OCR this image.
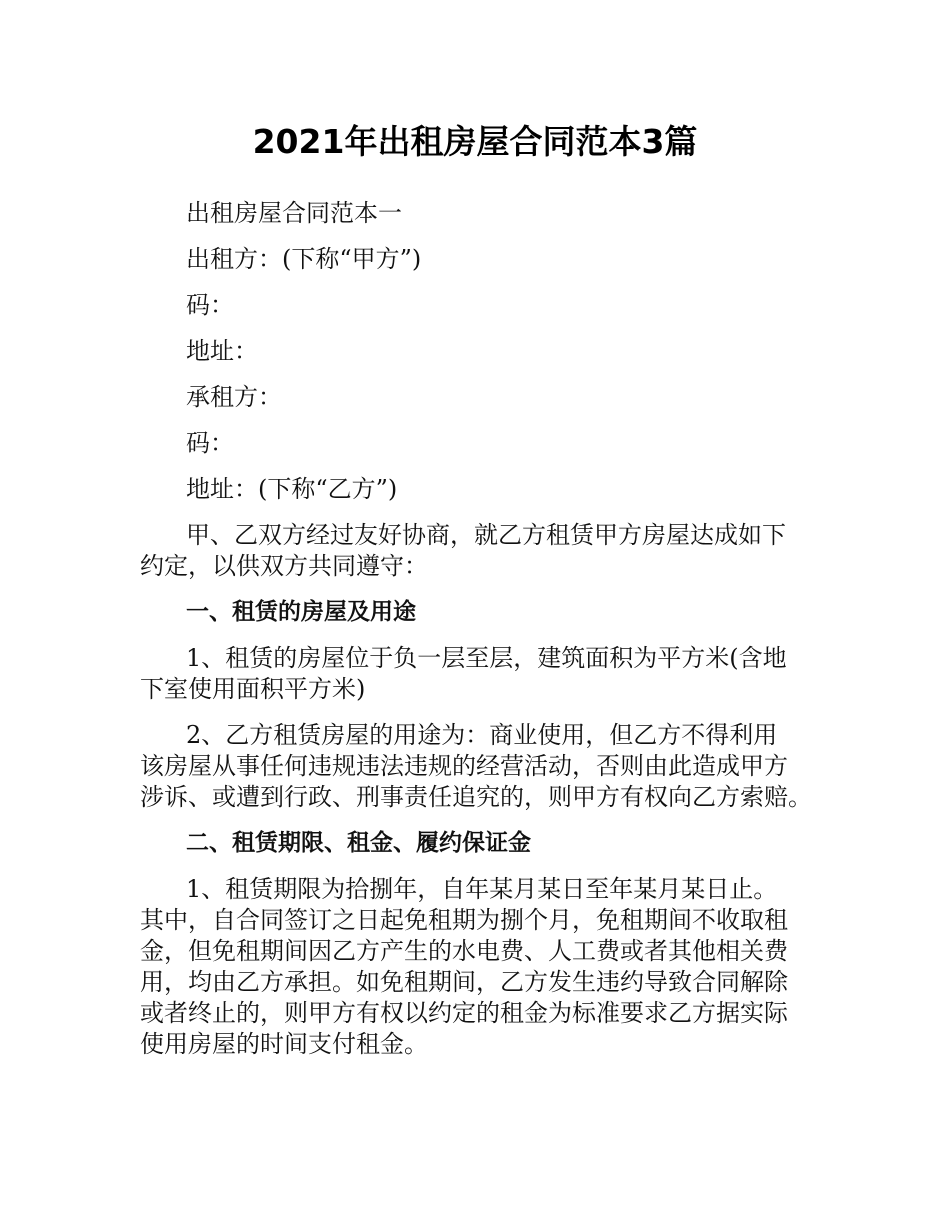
2021年出租房屋合同范本3篇
出租房屋合同范本一
出租方：(下称“甲方”)
码：
地址：
承租方：
码：
地址：(下称“乙方”)
甲、乙双方经过友好协商，就乙方租赁甲方房屋达成如下
约定，以供双方共同遵守：
一、租赁的房屋及用途
1、租赁的房屋位于负一层至层，建筑面积为平方米(含地
下室使用面积平方米)
2、乙方租赁房屋的用途为：商业使用，但乙方不得利用
该房屋从事任何违规违法违规的经营活动，否则由此造成甲方
涉诉、或遭到行政、刑事责任追究的，则甲方有权向乙方索赔。
二、租赁期限、租金、履约保证金
1、租赁期限为拾捌年，自年某月某日至年某月某日止。
其中，自合同签订之日起免租期为捌个月，免租期间不收取租
金，但免租期间因乙方产生的水电费、人工费或者其他相关费
用，均由乙方承担。如免租期间，乙方发生违约导致合同解除
或者终止的，则甲方有权以约定的租金为标准要求乙方据实际
使用房屋的时间支付租金。
